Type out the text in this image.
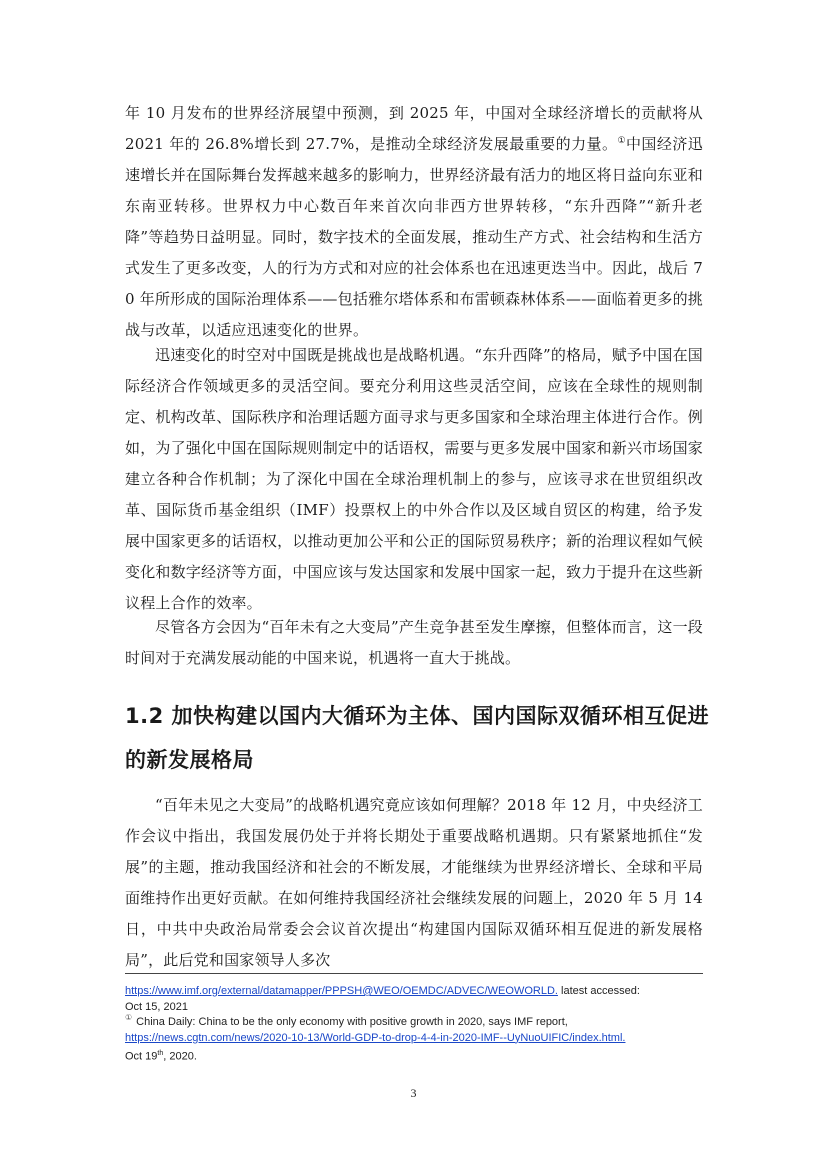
年 10 月发布的世界经济展望中预测，到 2025 年，中国对全球经济增长的贡献将从 2021 年的 26.8%增长到 27.7%，是推动全球经济发展最重要的力量。①中国经济迅速增长并在国际舞台发挥越来越多的影响力，世界经济最有活力的地区将日益向东亚和东南亚转移。世界权力中心数百年来首次向非西方世界转移，“东升西降”“新升老降”等趋势日益明显。同时，数字技术的全面发展，推动生产方式、社会结构和生活方式发生了更多改变，人的行为方式和对应的社会体系也在迅速更迭当中。因此，战后 70 年所形成的国际治理体系——包括雅尔塔体系和布雷顿森林体系——面临着更多的挑战与改革，以适应迅速变化的世界。

迅速变化的时空对中国既是挑战也是战略机遇。“东升西降”的格局，赋予中国在国际经济合作领域更多的灵活空间。要充分利用这些灵活空间，应该在全球性的规则制定、机构改革、国际秩序和治理话题方面寻求与更多国家和全球治理主体进行合作。例如，为了强化中国在国际规则制定中的话语权，需要与更多发展中国家和新兴市场国家建立各种合作机制；为了深化中国在全球治理机制上的参与，应该寻求在世贸组织改革、国际货币基金组织（IMF）投票权上的中外合作以及区域自贸区的构建，给予发展中国家更多的话语权，以推动更加公平和公正的国际贸易秩序；新的治理议程如气候变化和数字经济等方面，中国应该与发达国家和发展中国家一起，致力于提升在这些新议程上合作的效率。

尽管各方会因为“百年未有之大变局”产生竞争甚至发生摩擦，但整体而言，这一段时间对于充满发展动能的中国来说，机遇将一直大于挑战。

1.2 加快构建以国内大循环为主体、国内国际双循环相互促进的新发展格局

“百年未见之大变局”的战略机遇究竟应该如何理解？2018 年 12 月，中央经济工作会议中指出，我国发展仍处于并将长期处于重要战略机遇期。只有紧紧地抓住“发展”的主题，推动我国经济和社会的不断发展，才能继续为世界经济增长、全球和平局面维持作出更好贡献。在如何维持我国经济社会继续发展的问题上，2020 年 5 月 14 日，中共中央政治局常委会会议首次提出“构建国内国际双循环相互促进的新发展格局”，此后党和国家领导人多次

https://www.imf.org/external/datamapper/PPPSH@WEO/OEMDC/ADVEC/WEOWORLD. latest accessed:
Oct 15, 2021
① China Daily: China to be the only economy with positive growth in 2020, says IMF report,
https://news.cgtn.com/news/2020-10-13/World-GDP-to-drop-4-4-in-2020-IMF--UyNuoUIFIC/index.html.
Oct 19th, 2020.
3
